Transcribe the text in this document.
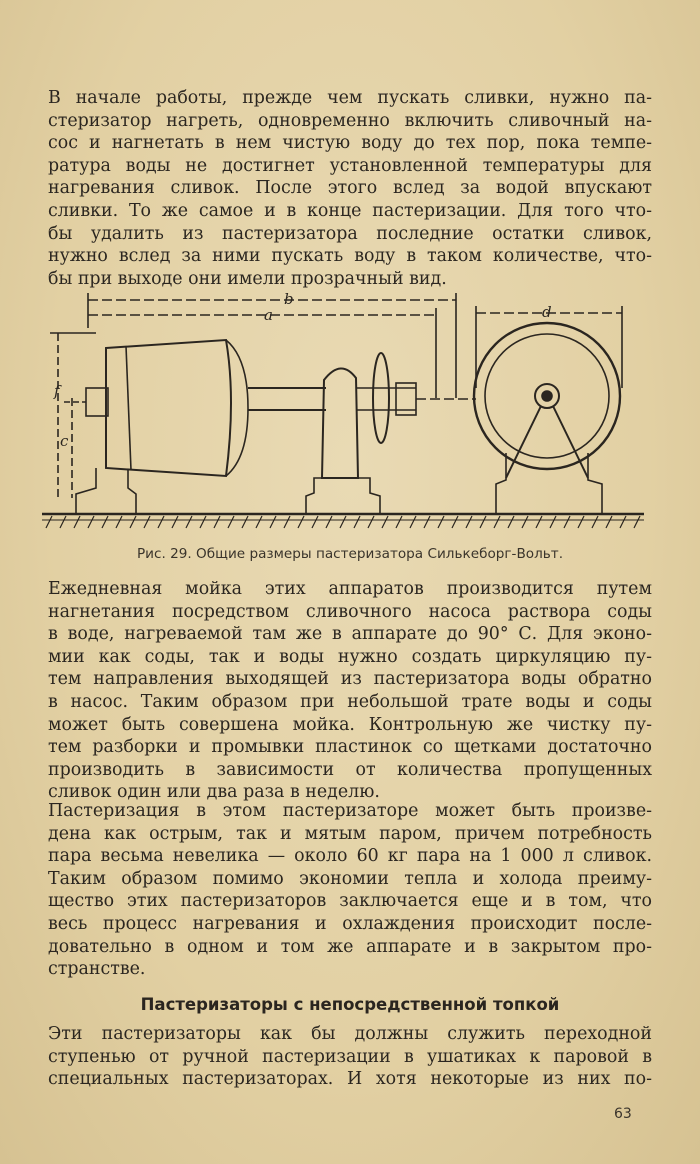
В начале работы, прежде чем пускать сливки, нужно па-
стеризатор нагреть, одновременно включить сливочный на-
сос и нагнетать в нем чистую воду до тех пор, пока темпе-
ратура воды не достигнет установленной температуры для
нагревания сливок. После этого вслед за водой впускают
сливки. То же самое и в конце пастеризации. Для того что-
бы удалить из пастеризатора последние остатки сливок,
нужно вслед за ними пускать воду в таком количестве, что-
бы при выходе они имели прозрачный вид.

b
a	d
f
c
Рис. 29. Общие размеры пастеризатора Силькеборг-Вольт.

Ежедневная мойка этих аппаратов производится путем
нагнетания посредством сливочного насоса раствора соды
в воде, нагреваемой там же в аппарате до 90° С. Для эконо-
мии как соды, так и воды нужно создать циркуляцию пу-
тем направления выходящей из пастеризатора воды обратно
в насос. Таким образом при небольшой трате воды и соды
может быть совершена мойка. Контрольную же чистку пу-
тем разборки и промывки пластинок со щетками достаточно
производить в зависимости от количества пропущенных
сливок один или два раза в неделю.

Пастеризация в этом пастеризаторе может быть произве-
дена как острым, так и мятым паром, причем потребность
пара весьма невелика — около 60 кг пара на 1 000 л сливок.
Таким образом помимо экономии тепла и холода преиму-
щество этих пастеризаторов заключается еще и в том, что
весь процесс нагревания и охлаждения происходит после-
довательно в одном и том же аппарате и в закрытом про-
странстве.

Пастеризаторы с непосредственной топкой

Эти пастеризаторы как бы должны служить переходной
ступенью от ручной пастеризации в ушатиках к паровой в
специальных пастеризаторах. И хотя некоторые из них по-

63
